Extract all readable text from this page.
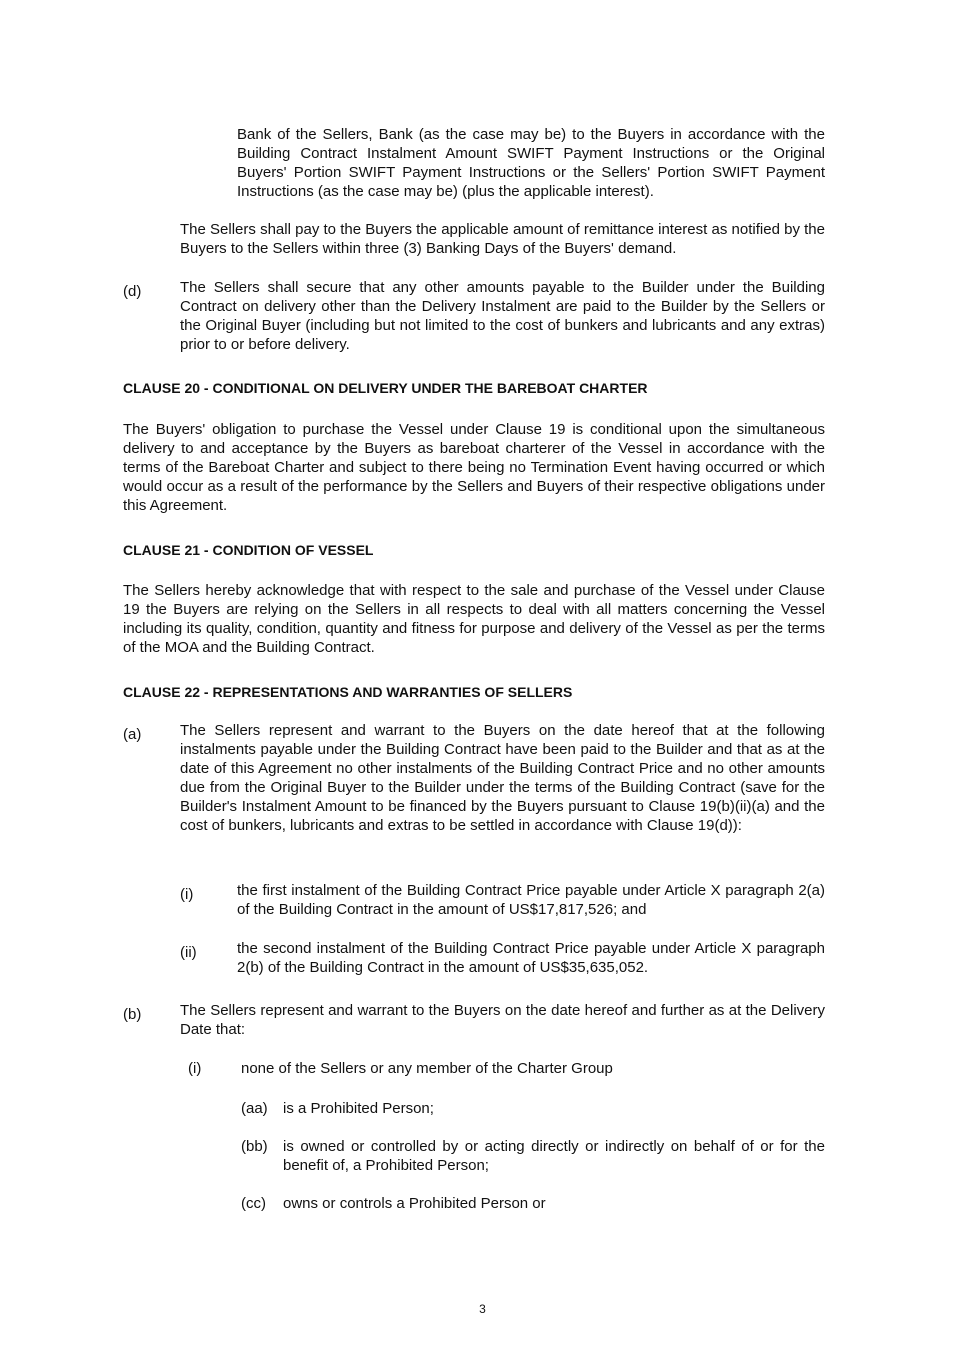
Bank of the Sellers, Bank (as the case may be) to the Buyers in accordance with the Building Contract Instalment Amount SWIFT Payment Instructions or the Original Buyers' Portion SWIFT Payment Instructions or the Sellers' Portion SWIFT Payment Instructions (as the case may be) (plus the applicable interest).
The Sellers shall pay to the Buyers the applicable amount of remittance interest as notified by the Buyers to the Sellers within three (3) Banking Days of the Buyers' demand.
(d)	The Sellers shall secure that any other amounts payable to the Builder under the Building Contract on delivery other than the Delivery Instalment are paid to the Builder by the Sellers or the Original Buyer (including but not limited to the cost of bunkers and lubricants and any extras) prior to or before delivery.
CLAUSE 20 - CONDITIONAL ON DELIVERY UNDER THE BAREBOAT CHARTER
The Buyers' obligation to purchase the Vessel under Clause 19 is conditional upon the simultaneous delivery to and acceptance by the Buyers as bareboat charterer of the Vessel in accordance with the terms of the Bareboat Charter and subject to there being no Termination Event having occurred or which would occur as a result of the performance by the Sellers and Buyers of their respective obligations under this Agreement.
CLAUSE 21 - CONDITION OF VESSEL
The Sellers hereby acknowledge that with respect to the sale and purchase of the Vessel under Clause 19 the Buyers are relying on the Sellers in all respects to deal with all matters concerning the Vessel including its quality, condition, quantity and fitness for purpose and delivery of the Vessel as per the terms of the MOA and the Building Contract.
CLAUSE 22 - REPRESENTATIONS AND WARRANTIES OF SELLERS
(a)	The Sellers represent and warrant to the Buyers on the date hereof that at the following instalments payable under the Building Contract have been paid to the Builder and that as at the date of this Agreement no other instalments of the Building Contract Price and no other amounts due from the Original Buyer to the Builder under the terms of the Building Contract (save for the Builder's Instalment Amount to be financed by the Buyers pursuant to Clause 19(b)(ii)(a) and the cost of bunkers, lubricants and extras to be settled in accordance with Clause 19(d)):
(i)	the first instalment of the Building Contract Price payable under Article X paragraph 2(a) of the Building Contract in the amount of US$17,817,526; and
(ii)	the second instalment of the Building Contract Price payable under Article X paragraph 2(b) of the Building Contract in the amount of US$35,635,052.
(b)	The Sellers represent and warrant to the Buyers on the date hereof and further as at the Delivery Date that:
(i)	none of the Sellers or any member of the Charter Group
(aa) is a Prohibited Person;
(bb) is owned or controlled by or acting directly or indirectly on behalf of or for the benefit of, a Prohibited Person;
(cc) owns or controls a Prohibited Person or
3
